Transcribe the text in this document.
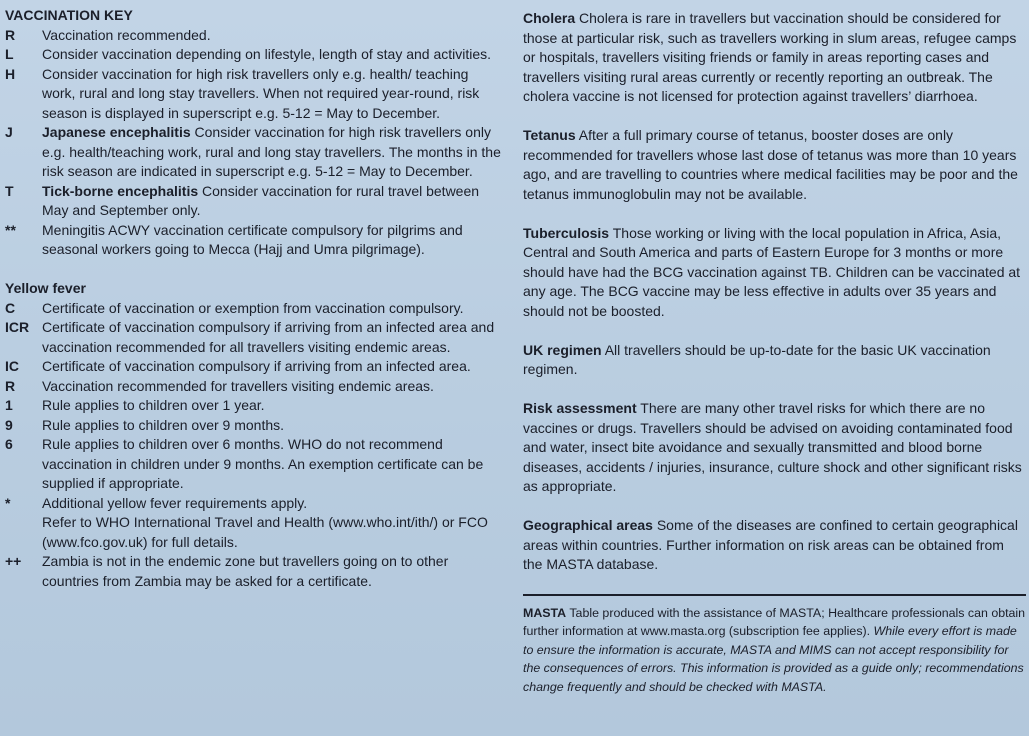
VACCINATION KEY
R	Vaccination recommended.
L	Consider vaccination depending on lifestyle, length of stay and activities.
H	Consider vaccination for high risk travellers only e.g. health/ teaching work, rural and long stay travellers. When not required year-round, risk season is displayed in superscript e.g. 5-12 = May to December.
J	Japanese encephalitis Consider vaccination for high risk travellers only e.g. health/teaching work, rural and long stay travellers. The months in the risk season are indicated in superscript e.g. 5-12 = May to December.
T	Tick-borne encephalitis Consider vaccination for rural travel between May and September only.
**	Meningitis ACWY vaccination certificate compulsory for pilgrims and seasonal workers going to Mecca (Hajj and Umra pilgrimage).
Yellow fever
C	Certificate of vaccination or exemption from vaccination compulsory.
ICR Certificate of vaccination compulsory if arriving from an infected area and vaccination recommended for all travellers visiting endemic areas.
IC	Certificate of vaccination compulsory if arriving from an infected area.
R	Vaccination recommended for travellers visiting endemic areas.
1	Rule applies to children over 1 year.
9	Rule applies to children over 9 months.
6	Rule applies to children over 6 months. WHO do not recommend vaccination in children under 9 months. An exemption certificate can be supplied if appropriate.
*	Additional yellow fever requirements apply.
Refer to WHO International Travel and Health (www.who.int/ith/) or FCO (www.fco.gov.uk) for full details.
++	Zambia is not in the endemic zone but travellers going on to other countries from Zambia may be asked for a certificate.

Cholera Cholera is rare in travellers but vaccination should be considered for those at particular risk, such as travellers working in slum areas, refugee camps or hospitals, travellers visiting friends or family in areas reporting cases and travellers visiting rural areas currently or recently reporting an outbreak. The cholera vaccine is not licensed for protection against travellers’ diarrhoea.

Tetanus After a full primary course of tetanus, booster doses are only recommended for travellers whose last dose of tetanus was more than 10 years ago, and are travelling to countries where medical facilities may be poor and the tetanus immunoglobulin may not be available.

Tuberculosis Those working or living with the local population in Africa, Asia, Central and South America and parts of Eastern Europe for 3 months or more should have had the BCG vaccination against TB. Children can be vaccinated at any age. The BCG vaccine may be less effective in adults over 35 years and should not be boosted.

UK regimen All travellers should be up-to-date for the basic UK vaccination regimen.

Risk assessment There are many other travel risks for which there are no vaccines or drugs. Travellers should be advised on avoiding contaminated food and water, insect bite avoidance and sexually transmitted and blood borne diseases, accidents / injuries, insurance, culture shock and other significant risks as appropriate.

Geographical areas Some of the diseases are confined to certain geographical areas within countries. Further information on risk areas can be obtained from the MASTA database.

MASTA Table produced with the assistance of MASTA; Healthcare professionals can obtain further information at www.masta.org (subscription fee applies). While every effort is made to ensure the information is accurate, MASTA and MIMS can not accept responsibility for the consequences of errors. This information is provided as a guide only; recommendations change frequently and should be checked with MASTA.
